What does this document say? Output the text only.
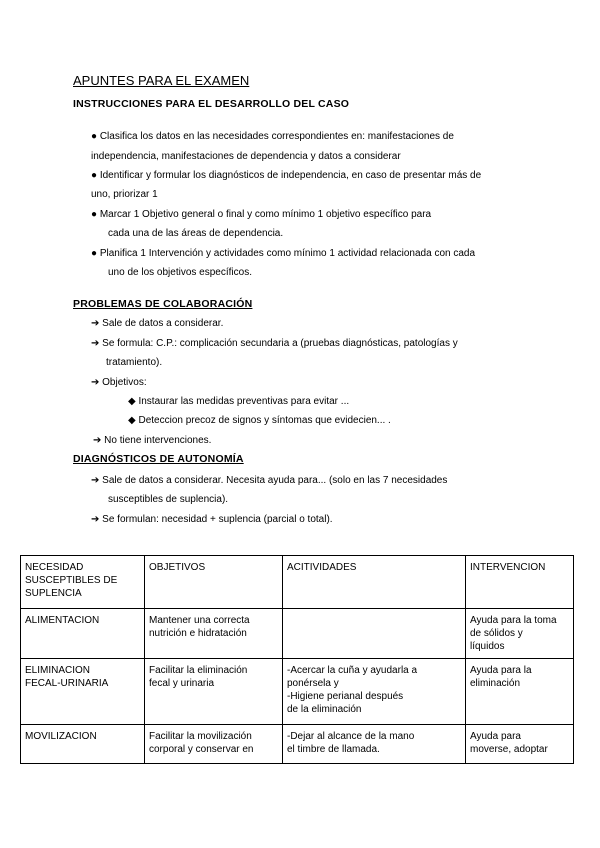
APUNTES PARA EL EXAMEN
INSTRUCCIONES PARA EL DESARROLLO DEL CASO
● Clasifica los datos en las necesidades correspondientes en: manifestaciones de
independencia, manifestaciones de dependencia y datos a considerar
● Identificar y formular los diagnósticos de independencia, en caso de presentar más de
uno, priorizar 1
● Marcar 1 Objetivo general o final y como mínimo 1 objetivo específico para
cada una de las áreas de dependencia.
● Planifica 1 Intervención y actividades como mínimo 1 actividad relacionada con cada
uno de los objetivos específicos.
PROBLEMAS DE COLABORACIÓN
➔ Sale de datos a considerar.
➔ Se formula: C.P.: complicación secundaria a (pruebas diagnósticas, patologías y
tratamiento).
➔ Objetivos:
◆ Instaurar las medidas preventivas para evitar ...
◆ Deteccion precoz de signos y síntomas que evidecien... .
➔ No tiene intervenciones.
DIAGNÓSTICOS DE AUTONOMÍA
➔ Sale de datos a considerar. Necesita ayuda para... (solo en las 7 necesidades
susceptibles de suplencia).
➔ Se formulan: necesidad + suplencia (parcial o total).
NECESIDAD
SUSCEPTIBLES DE
SUPLENCIA	OBJETIVOS	ACITIVIDADES	INTERVENCION

ALIMENTACION	Mantener una correcta
nutrición e hidratación		Ayuda para la toma
de sólidos y
líquidos

ELIMINACION
FECAL-URINARIA	Facilitar la eliminación
fecal y urinaria	-Acercar la cuña y ayudarla a
ponérsela y
-Higiene perianal después
de la eliminación	Ayuda para la
eliminación

MOVILIZACION	Facilitar la movilización
corporal y conservar en	-Dejar al alcance de la mano
el timbre de llamada.	Ayuda para
moverse, adoptar
